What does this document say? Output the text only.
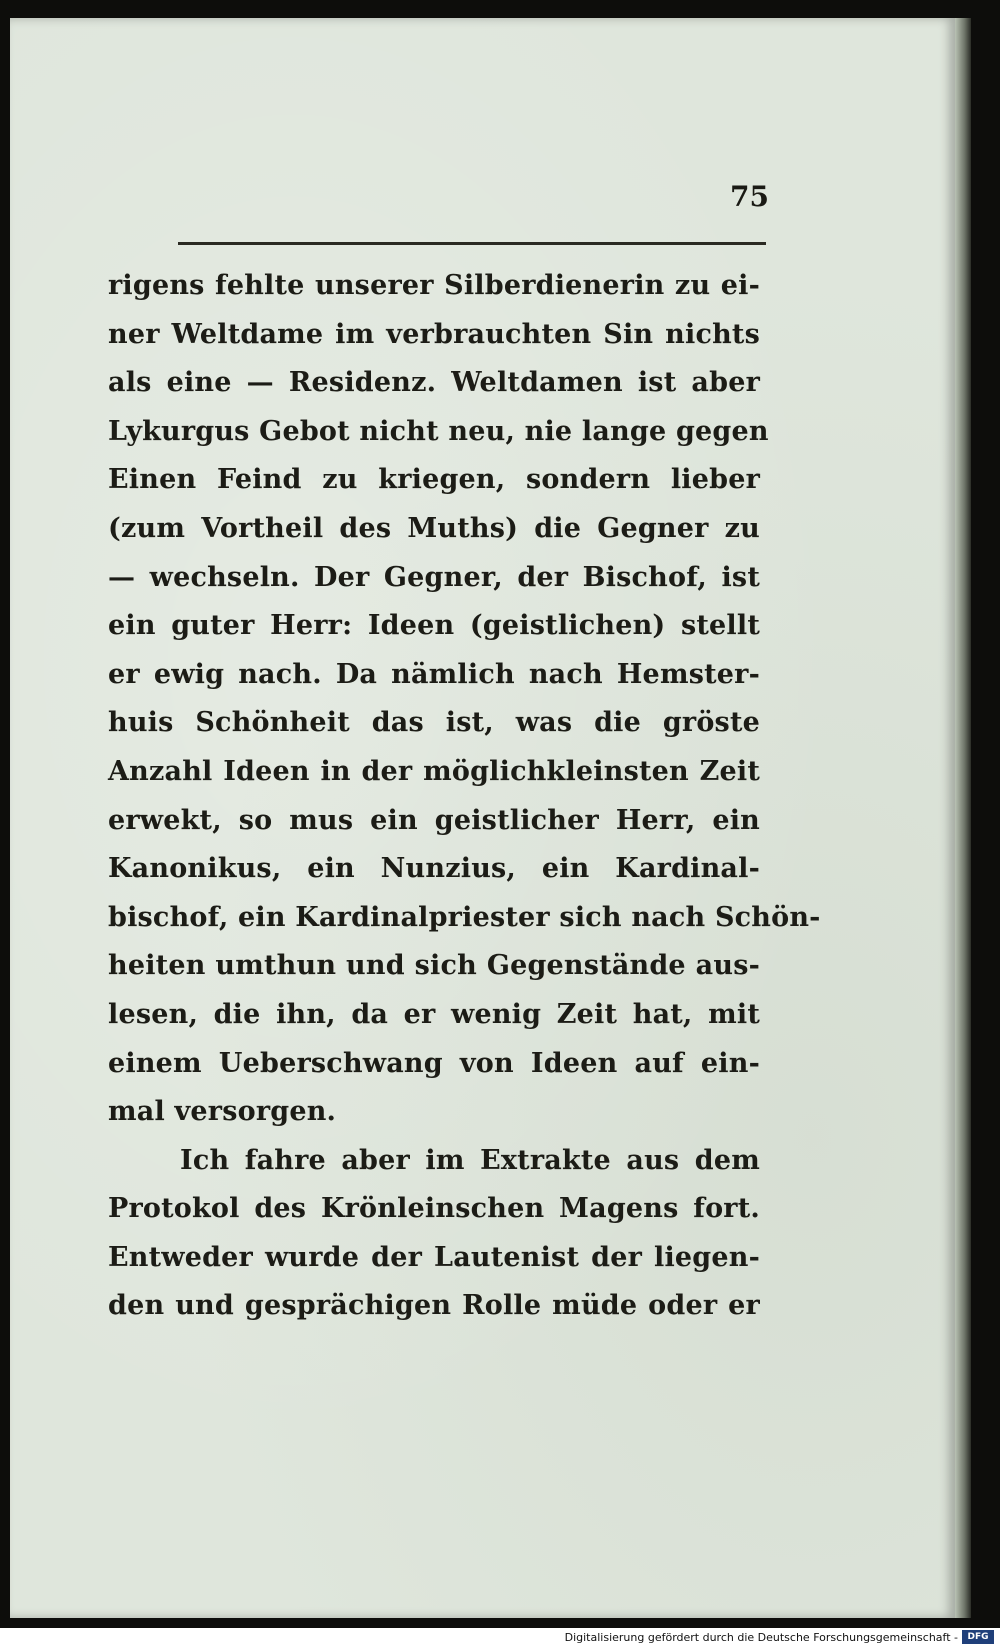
75
rigens fehlte unserer Silberdienerin zu ei-
ner Weltdame im verbrauchten Sin nichts
als eine — Residenz. Weltdamen ist aber
Lykurgus Gebot nicht neu, nie lange gegen
Einen Feind zu kriegen, sondern lieber
(zum Vortheil des Muths) die Gegner zu
— wechseln. Der Gegner, der Bischof, ist
ein guter Herr: Ideen (geistlichen) stellt
er ewig nach. Da nämlich nach Hemster-
huis Schönheit das ist, was die gröste
Anzahl Ideen in der möglichkleinsten Zeit
erwekt, so mus ein geistlicher Herr, ein
Kanonikus, ein Nunzius, ein Kardinal-
bischof, ein Kardinalpriester sich nach Schön-
heiten umthun und sich Gegenstände aus-
lesen, die ihn, da er wenig Zeit hat, mit
einem Ueberschwang von Ideen auf ein-
mal versorgen.
Ich fahre aber im Extrakte aus dem
Protokol des Krönleinschen Magens fort.
Entweder wurde der Lautenist der liegen-
den und gesprächigen Rolle müde oder er
Digitalisierung gefördert durch die Deutsche Forschungsgemeinschaft -	DFG
